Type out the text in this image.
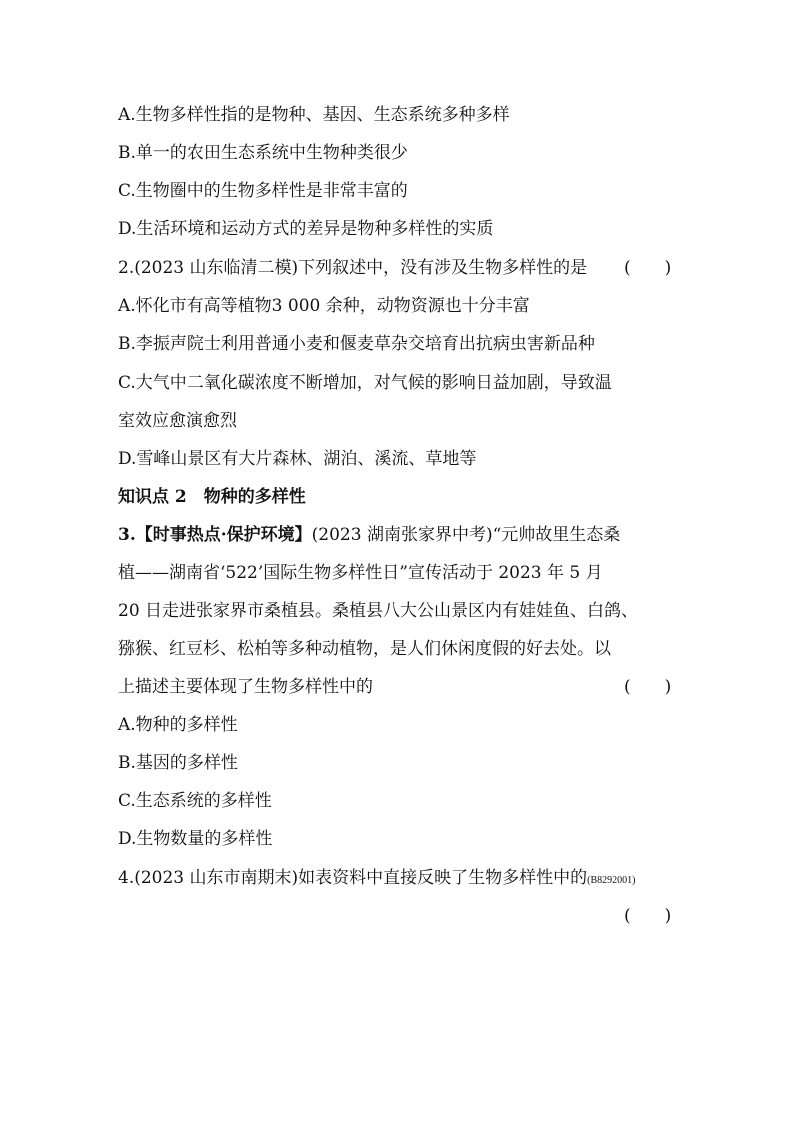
A.生物多样性指的是物种、基因、生态系统多种多样
B.单一的农田生态系统中生物种类很少
C.生物圈中的生物多样性是非常丰富的
D.生活环境和运动方式的差异是物种多样性的实质
2.(2023 山东临清二模)下列叙述中，没有涉及生物多样性的是 (　　)
A.怀化市有高等植物3 000 余种，动物资源也十分丰富
B.李振声院士利用普通小麦和偃麦草杂交培育出抗病虫害新品种
C.大气中二氧化碳浓度不断增加，对气候的影响日益加剧，导致温
室效应愈演愈烈
D.雪峰山景区有大片森林、湖泊、溪流、草地等
知识点 2　物种的多样性
3.【时事热点·保护环境】(2023 湖南张家界中考)“元帅故里生态桑
植——湖南省‘522’国际生物多样性日”宣传活动于 2023 年 5 月
20 日走进张家界市桑植县。桑植县八大公山景区内有娃娃鱼、白鸽、
猕猴、红豆杉、松柏等多种动植物，是人们休闲度假的好去处。以
上描述主要体现了生物多样性中的	(　　)
A.物种的多样性
B.基因的多样性
C.生态系统的多样性
D.生物数量的多样性
4.(2023 山东市南期末)如表资料中直接反映了生物多样性中的(B8292001)
(　　)
